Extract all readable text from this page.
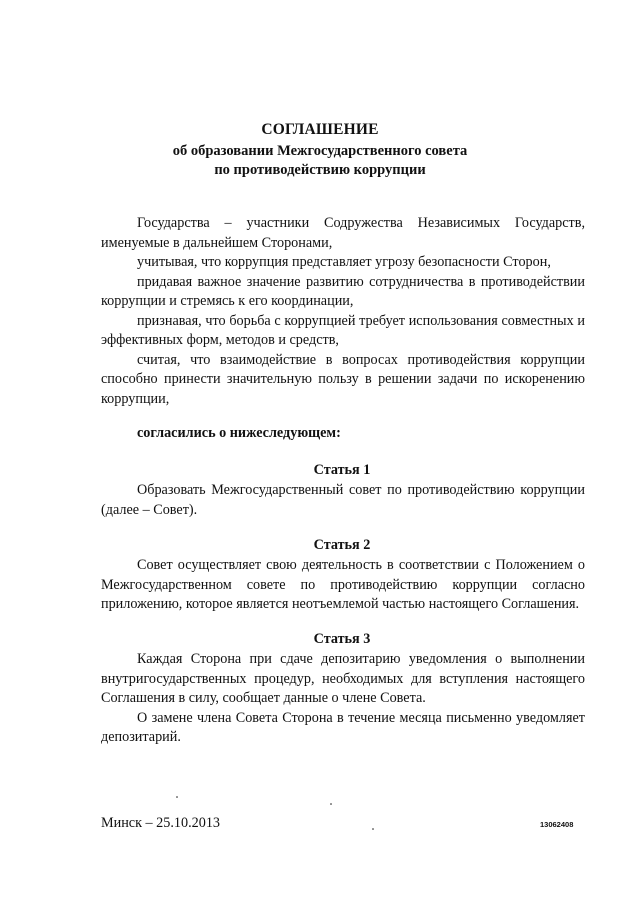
СОГЛАШЕНИЕ
об образовании Межгосударственного совета
по противодействию коррупции

Государства – участники Содружества Независимых Государств, именуемые в дальнейшем Сторонами,

учитывая, что коррупция представляет угрозу безопасности Сторон,

придавая важное значение развитию сотрудничества в противодействии коррупции и стремясь к его координации,

признавая, что борьба с коррупцией требует использования совместных и эффективных форм, методов и средств,

считая, что взаимодействие в вопросах противодействия коррупции способно принести значительную пользу в решении задачи по искоренению коррупции,

согласились о нижеследующем:
Статья 1

Образовать Межгосударственный совет по противодействию коррупции (далее – Совет).

Статья 2

Совет осуществляет свою деятельность в соответствии с Положением о Межгосударственном совете по противодействию коррупции согласно приложению, которое является неотъемлемой частью настоящего Соглашения.

Статья 3

Каждая Сторона при сдаче депозитарию уведомления о выполнении внутригосударственных процедур, необходимых для вступления настоящего Соглашения в силу, сообщает данные о члене Совета.

О замене члена Совета Сторона в течение месяца письменно уведомляет депозитарий.

Минск – 25.10.2013	13062408
